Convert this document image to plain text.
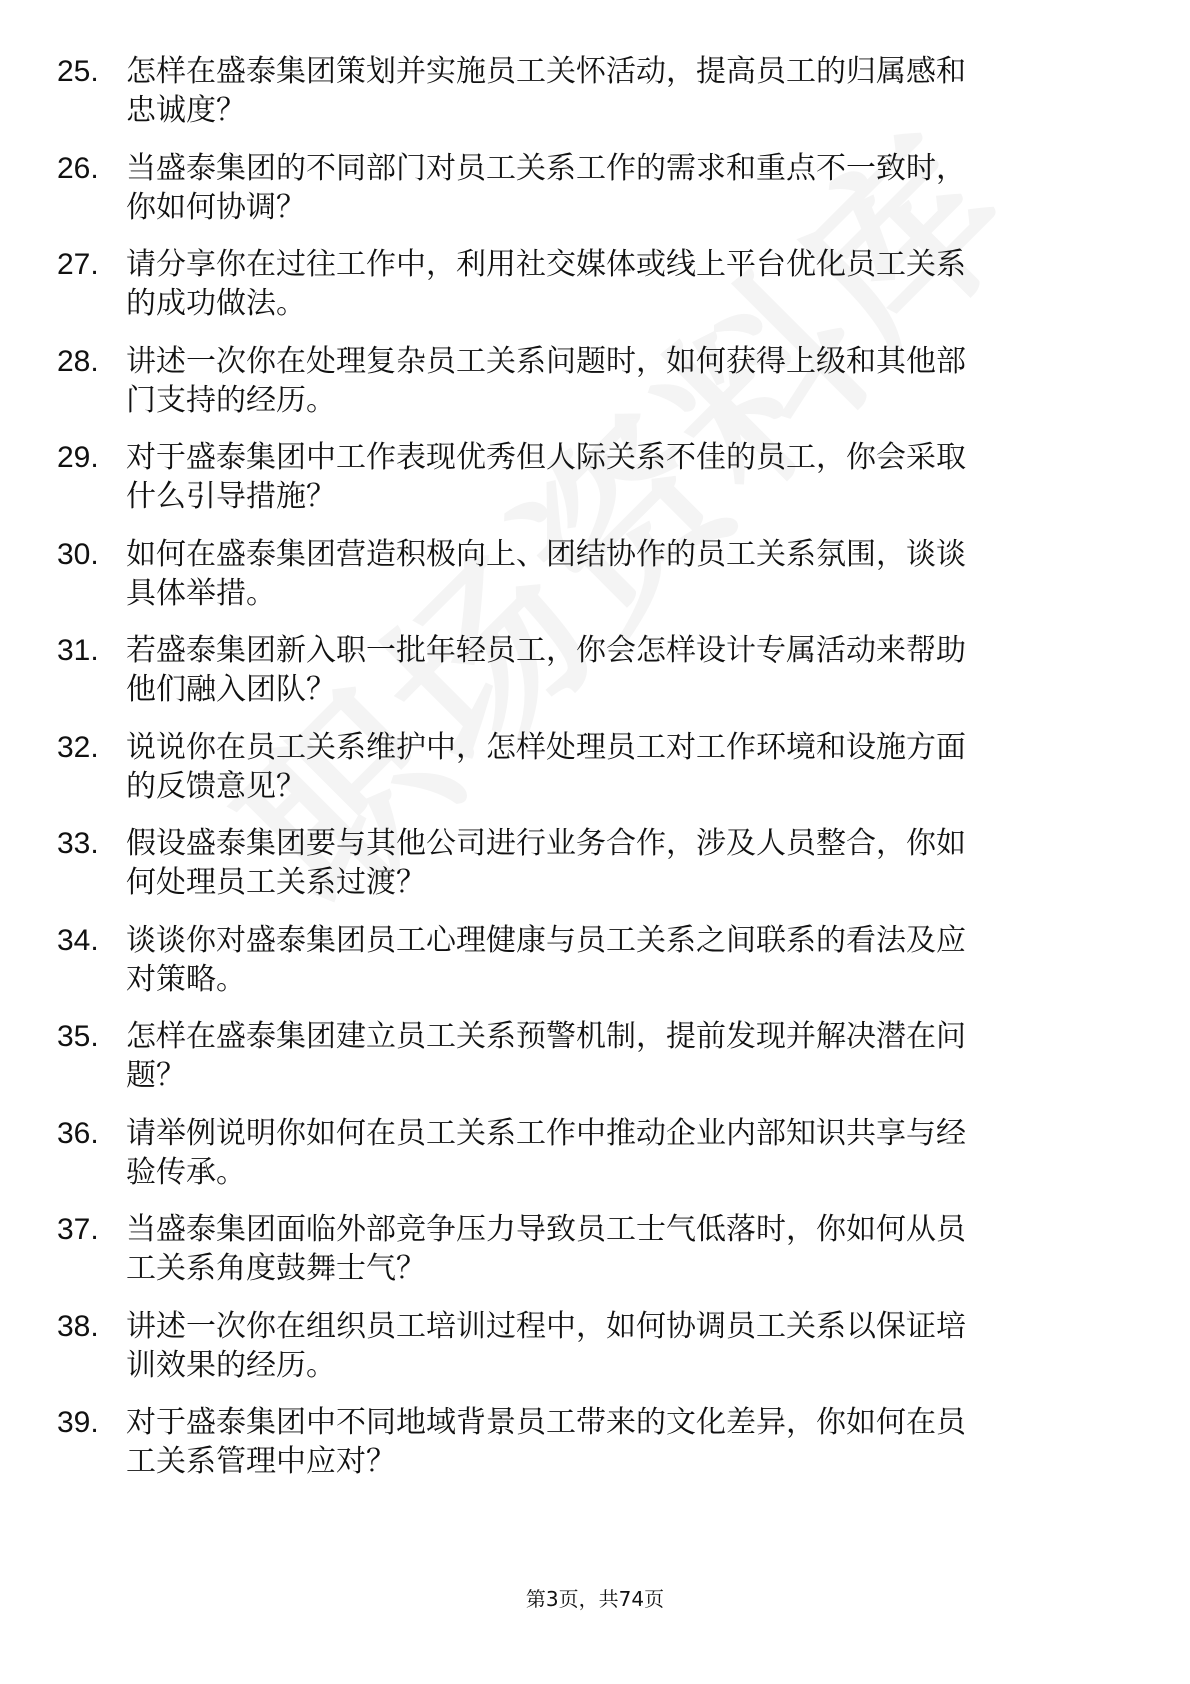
25. 怎样在盛泰集团策划并实施员工关怀活动，提高员工的归属感和
忠诚度？
26. 当盛泰集团的不同部门对员工关系工作的需求和重点不一致时，
你如何协调？
27. 请分享你在过往工作中，利用社交媒体或线上平台优化员工关系
的成功做法。
28. 讲述一次你在处理复杂员工关系问题时，如何获得上级和其他部
门支持的经历。
29. 对于盛泰集团中工作表现优秀但人际关系不佳的员工，你会采取
什么引导措施？
30. 如何在盛泰集团营造积极向上、团结协作的员工关系氛围，谈谈
具体举措。
31. 若盛泰集团新入职一批年轻员工，你会怎样设计专属活动来帮助
他们融入团队？
32. 说说你在员工关系维护中，怎样处理员工对工作环境和设施方面
的反馈意见？
33. 假设盛泰集团要与其他公司进行业务合作，涉及人员整合，你如
何处理员工关系过渡？
34. 谈谈你对盛泰集团员工心理健康与员工关系之间联系的看法及应
对策略。
35. 怎样在盛泰集团建立员工关系预警机制，提前发现并解决潜在问
题？
36. 请举例说明你如何在员工关系工作中推动企业内部知识共享与经
验传承。
37. 当盛泰集团面临外部竞争压力导致员工士气低落时，你如何从员
工关系角度鼓舞士气？
38. 讲述一次你在组织员工培训过程中，如何协调员工关系以保证培
训效果的经历。
39. 对于盛泰集团中不同地域背景员工带来的文化差异，你如何在员
工关系管理中应对？
第3页，共74页
